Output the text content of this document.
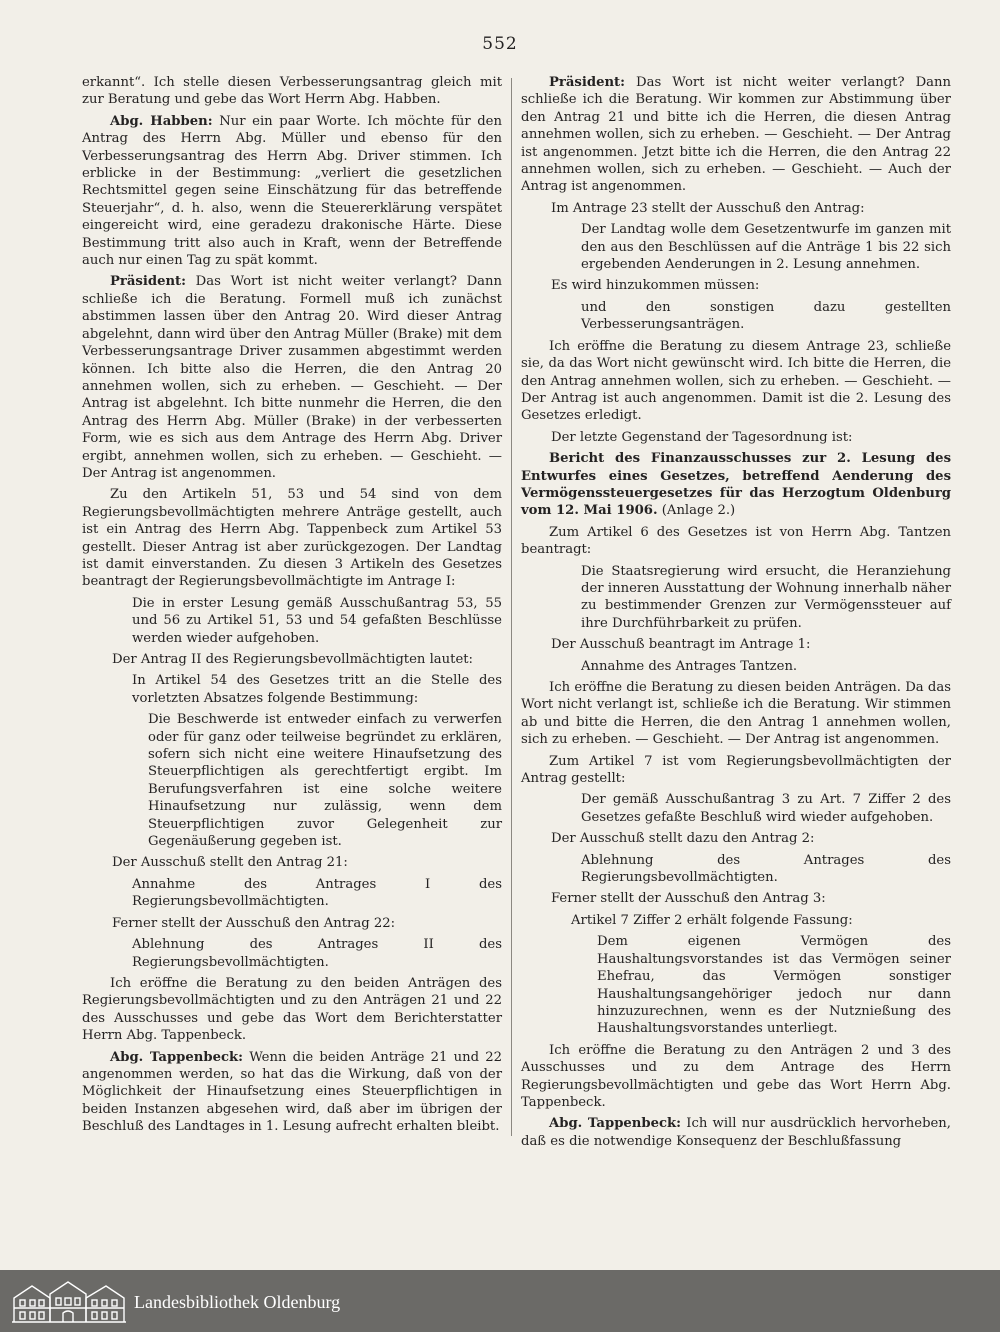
552

erkannt“. Ich stelle diesen Verbesserungsantrag gleich mit zur Beratung und gebe das Wort Herrn Abg. Habben.

Abg. Habben: Nur ein paar Worte. Ich möchte für den Antrag des Herrn Abg. Müller und ebenso für den Verbesserungsantrag des Herrn Abg. Driver stimmen. Ich erblicke in der Bestimmung: „verliert die gesetzlichen Rechtsmittel gegen seine Einschätzung für das betreffende Steuerjahr“, d. h. also, wenn die Steuererklärung verspätet eingereicht wird, eine geradezu drakonische Härte. Diese Bestimmung tritt also auch in Kraft, wenn der Betreffende auch nur einen Tag zu spät kommt.

Präsident: Das Wort ist nicht weiter verlangt? Dann schließe ich die Beratung. Formell muß ich zunächst abstimmen lassen über den Antrag 20. Wird dieser Antrag abgelehnt, dann wird über den Antrag Müller (Brake) mit dem Verbesserungsantrage Driver zusammen abgestimmt werden können. Ich bitte also die Herren, die den Antrag 20 annehmen wollen, sich zu erheben. — Geschieht. — Der Antrag ist abgelehnt. Ich bitte nunmehr die Herren, die den Antrag des Herrn Abg. Müller (Brake) in der verbesserten Form, wie es sich aus dem Antrage des Herrn Abg. Driver ergibt, annehmen wollen, sich zu erheben. — Geschieht. — Der Antrag ist angenommen.

Zu den Artikeln 51, 53 und 54 sind von dem Regierungsbevollmächtigten mehrere Anträge gestellt, auch ist ein Antrag des Herrn Abg. Tappenbeck zum Artikel 53 gestellt. Dieser Antrag ist aber zurückgezogen. Der Landtag ist damit einverstanden. Zu diesen 3 Artikeln des Gesetzes beantragt der Regierungsbevollmächtigte im Antrage I:

Die in erster Lesung gemäß Ausschußantrag 53, 55 und 56 zu Artikel 51, 53 und 54 gefaßten Beschlüsse werden wieder aufgehoben.

Der Antrag II des Regierungsbevollmächtigten lautet:

In Artikel 54 des Gesetzes tritt an die Stelle des vorletzten Absatzes folgende Bestimmung:

Die Beschwerde ist entweder einfach zu verwerfen oder für ganz oder teilweise begründet zu erklären, sofern sich nicht eine weitere Hinaufsetzung des Steuerpflichtigen als gerechtfertigt ergibt. Im Berufungsverfahren ist eine solche weitere Hinaufsetzung nur zulässig, wenn dem Steuerpflichtigen zuvor Gelegenheit zur Gegenäußerung gegeben ist.

Der Ausschuß stellt den Antrag 21:

Annahme des Antrages I des Regierungsbevollmächtigten.

Ferner stellt der Ausschuß den Antrag 22:

Ablehnung des Antrages II des Regierungsbevollmächtigten.

Ich eröffne die Beratung zu den beiden Anträgen des Regierungsbevollmächtigten und zu den Anträgen 21 und 22 des Ausschusses und gebe das Wort dem Berichterstatter Herrn Abg. Tappenbeck.

Abg. Tappenbeck: Wenn die beiden Anträge 21 und 22 angenommen werden, so hat das die Wirkung, daß von der Möglichkeit der Hinaufsetzung eines Steuerpflichtigen in beiden Instanzen abgesehen wird, daß aber im übrigen der Beschluß des Landtages in 1. Lesung aufrecht erhalten bleibt.

Präsident: Das Wort ist nicht weiter verlangt? Dann schließe ich die Beratung. Wir kommen zur Abstimmung über den Antrag 21 und bitte ich die Herren, die diesen Antrag annehmen wollen, sich zu erheben. — Geschieht. — Der Antrag ist angenommen. Jetzt bitte ich die Herren, die den Antrag 22 annehmen wollen, sich zu erheben. — Geschieht. — Auch der Antrag ist angenommen.

Im Antrage 23 stellt der Ausschuß den Antrag:

Der Landtag wolle dem Gesetzentwurfe im ganzen mit den aus den Beschlüssen auf die Anträge 1 bis 22 sich ergebenden Aenderungen in 2. Lesung annehmen.

Es wird hinzukommen müssen:

und den sonstigen dazu gestellten Verbesserungsanträgen.

Ich eröffne die Beratung zu diesem Antrage 23, schließe sie, da das Wort nicht gewünscht wird. Ich bitte die Herren, die den Antrag annehmen wollen, sich zu erheben. — Geschieht. — Der Antrag ist auch angenommen. Damit ist die 2. Lesung des Gesetzes erledigt.

Der letzte Gegenstand der Tagesordnung ist:

Bericht des Finanzausschusses zur 2. Lesung des Entwurfes eines Gesetzes, betreffend Aenderung des Vermögenssteuergesetzes für das Herzogtum Oldenburg vom 12. Mai 1906. (Anlage 2.)

Zum Artikel 6 des Gesetzes ist von Herrn Abg. Tantzen beantragt:

Die Staatsregierung wird ersucht, die Heranziehung der inneren Ausstattung der Wohnung innerhalb näher zu bestimmender Grenzen zur Vermögenssteuer auf ihre Durchführbarkeit zu prüfen.

Der Ausschuß beantragt im Antrage 1:

Annahme des Antrages Tantzen.

Ich eröffne die Beratung zu diesen beiden Anträgen. Da das Wort nicht verlangt ist, schließe ich die Beratung. Wir stimmen ab und bitte die Herren, die den Antrag 1 annehmen wollen, sich zu erheben. — Geschieht. — Der Antrag ist angenommen.

Zum Artikel 7 ist vom Regierungsbevollmächtigten der Antrag gestellt:

Der gemäß Ausschußantrag 3 zu Art. 7 Ziffer 2 des Gesetzes gefaßte Beschluß wird wieder aufgehoben.

Der Ausschuß stellt dazu den Antrag 2:

Ablehnung des Antrages des Regierungsbevollmächtigten.

Ferner stellt der Ausschuß den Antrag 3:

Artikel 7 Ziffer 2 erhält folgende Fassung:

Dem eigenen Vermögen des Haushaltungsvorstandes ist das Vermögen seiner Ehefrau, das Vermögen sonstiger Haushaltungsangehöriger jedoch nur dann hinzuzurechnen, wenn es der Nutznießung des Haushaltungsvorstandes unterliegt.

Ich eröffne die Beratung zu den Anträgen 2 und 3 des Ausschusses und zu dem Antrage des Herrn Regierungsbevollmächtigten und gebe das Wort Herrn Abg. Tappenbeck.

Abg. Tappenbeck: Ich will nur ausdrücklich hervorheben, daß es die notwendige Konsequenz der Beschlußfassung

Landesbibliothek Oldenburg
